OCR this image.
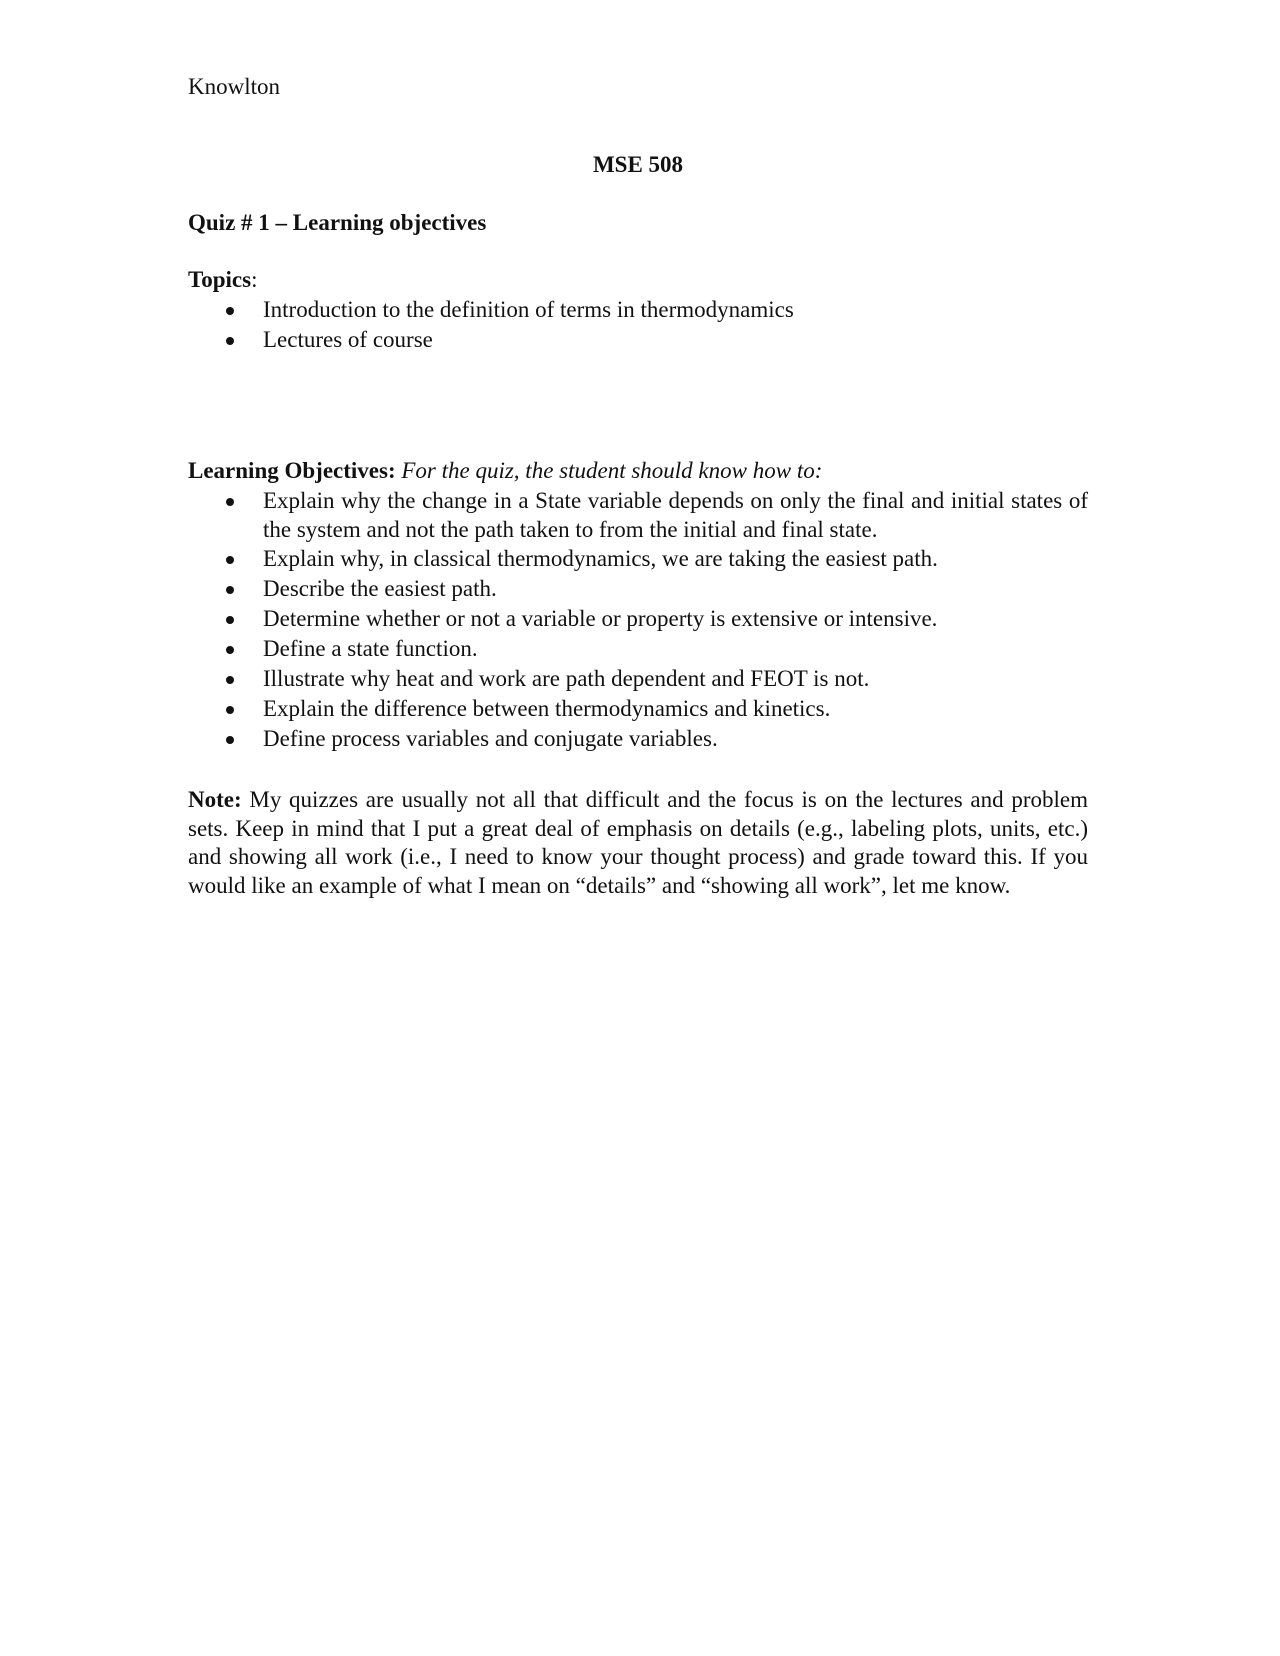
Knowlton

MSE 508

Quiz # 1 – Learning objectives

Topics:

Introduction to the definition of terms in thermodynamics
Lectures of course

Learning Objectives: For the quiz, the student should know how to:

Explain why the change in a State variable depends on only the final and initial states of the system and not the path taken to from the initial and final state.
Explain why, in classical thermodynamics, we are taking the easiest path.
Describe the easiest path.
Determine whether or not a variable or property is extensive or intensive.
Define a state function.
Illustrate why heat and work are path dependent and FEOT is not.
Explain the difference between thermodynamics and kinetics.
Define process variables and conjugate variables.

Note: My quizzes are usually not all that difficult and the focus is on the lectures and problem sets. Keep in mind that I put a great deal of emphasis on details (e.g., labeling plots, units, etc.) and showing all work (i.e., I need to know your thought process) and grade toward this. If you would like an example of what I mean on “details” and “showing all work”, let me know.
